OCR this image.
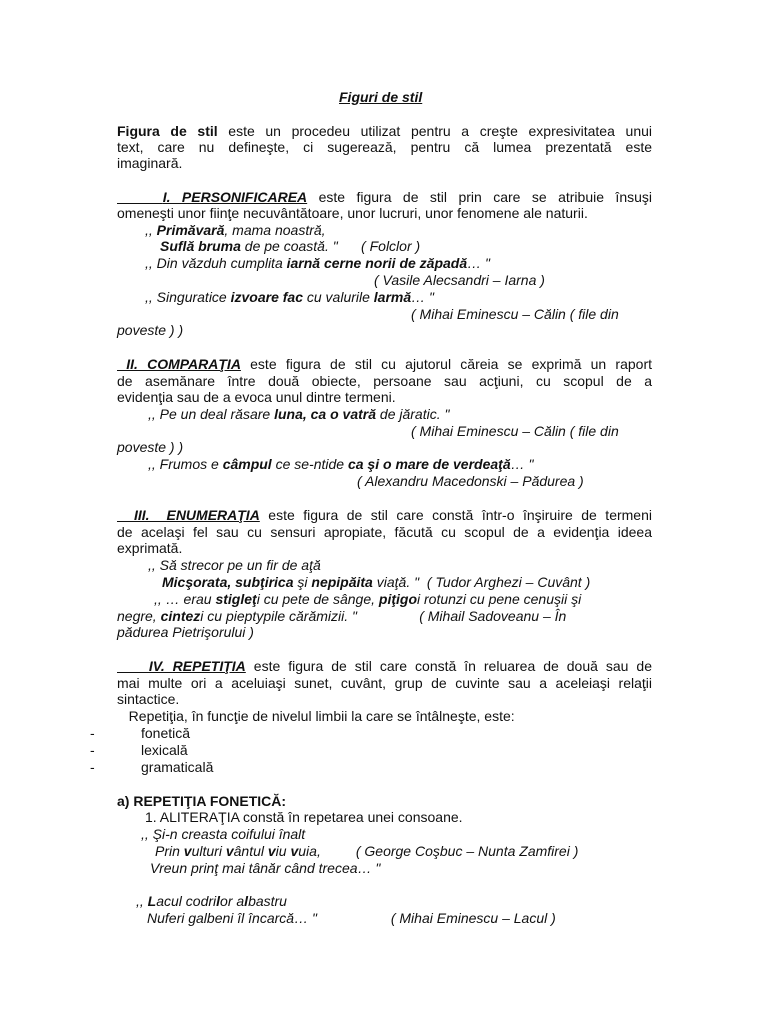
Figuri de stil
Figura de stil este un procedeu utilizat pentru a creşte expresivitatea unui
text, care nu defineşte, ci sugerează, pentru că lumea prezentată este
imaginară.
I. PERSONIFICAREA este figura de stil prin care se atribuie însuşi
omeneşti unor fiinţe necuvântătoare, unor lucruri, unor fenomene ale naturii.
,, Primăvară, mama noastră,
Suflă bruma de pe coastă. "      ( Folclor )
,, Din văzduh cumplita iarnă cerne norii de zăpadă… "
( Vasile Alecsandri – Iarna )
,, Singuratice izvoare fac cu valurile larmă… "
( Mihai Eminescu – Călin ( file din
poveste ) )
II. COMPARAŢIA este figura de stil cu ajutorul căreia se exprimă un raport
de asemănare între două obiecte, persoane sau acţiuni, cu scopul de a
evidenţia sau de a evoca unul dintre termeni.
,, Pe un deal răsare luna, ca o vatră de jăratic. "
( Mihai Eminescu – Călin ( file din
poveste ) )
,, Frumos e câmpul ce se-ntide ca şi o mare de verdeaţă… "
( Alexandru Macedonski – Pădurea )
III.  ENUMERAŢIA este figura de stil care constă într-o înşiruire de termeni
de acelaşi fel sau cu sensuri apropiate, făcută cu scopul de a evidenţia ideea
exprimată.
,, Să strecor pe un fir de aţă
Micşorata, subţirica şi nepipăita viaţă. "  ( Tudor Arghezi – Cuvânt )
,, … erau stigleţi cu pete de sânge, piţigoi rotunzi cu pene cenuşii şi
negre, cintezi cu pieptурile cărămizii. "                ( Mihail Sadoveanu – În
pădurea Pietrişorului )
IV. REPETIŢIA este figura de stil care constă în reluarea de două sau de
mai multe ori a aceluiaşi sunet, cuvânt, grup de cuvinte sau a aceleiaşi relaţii
sintactice.
Repetiţia, în funcţie de nivelul limbii la care se întâlneşte, este:
-	fonetică
-	lexicală
-	gramaticală
a) REPETIŢIA FONETICĂ:
1. ALITERAŢIA constă în repetarea unei consoane.
,, Şi-n creasta coifului înalt
Prin vulturi vântul viu vuia,         ( George Coşbuc – Nunta Zamfirei )
Vreun prinţ mai tânăr când trecea… "
,, Lacul codrilor albastru
Nuferi galbeni îl încarcă… "                   ( Mihai Eminescu – Lacul )
